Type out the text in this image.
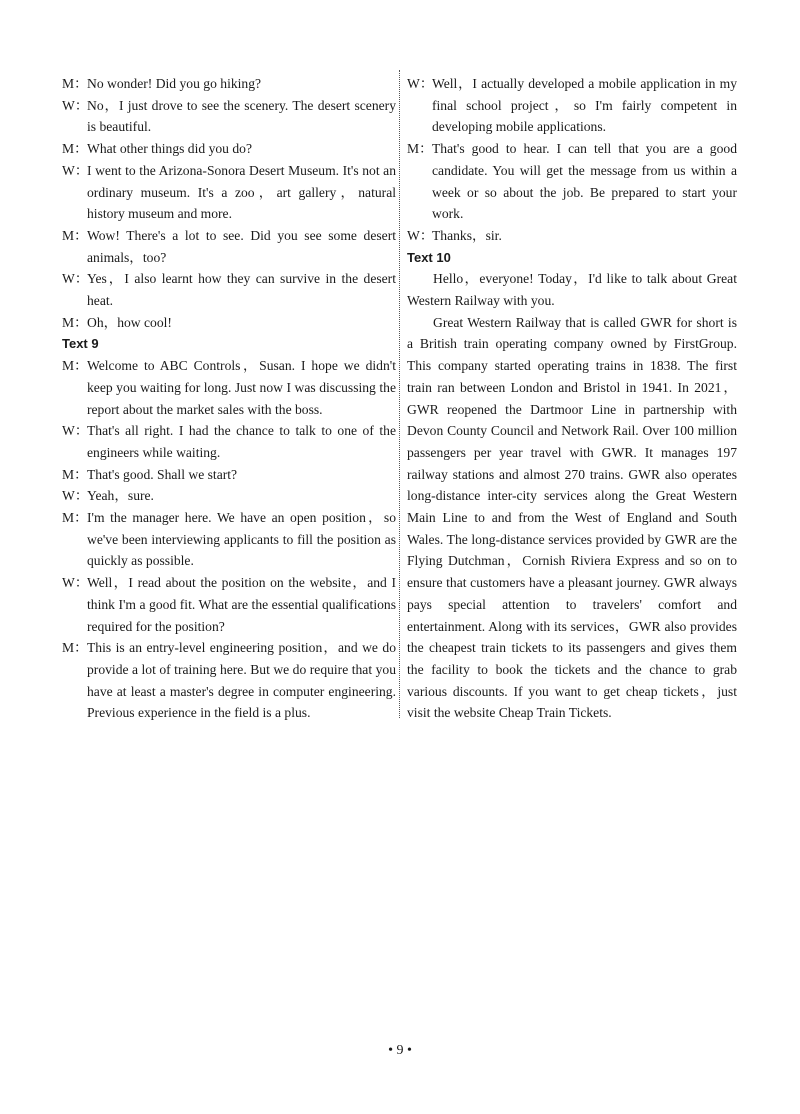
M： No wonder! Did you go hiking?
W：
No，I just drove to see the scenery. The desert scenery is beautiful.
M： What other things did you do?
W：
I went to the Arizona-Sonora Desert Museum. It's not an ordinary museum. It's a zoo，art gallery，natural history museum and more.
M： Wow! There's a lot to see. Did you see some desert animals，too?
W：
Yes，I also learnt how they can survive in the desert heat.
M： Oh，how cool!
Text 9
M： Welcome to ABC Controls，Susan. I hope we didn't keep you waiting for long. Just now I was discussing the report about the market sales with the boss.
W：
That's all right. I had the chance to talk to one of the engineers while waiting.
M： That's good. Shall we start?
W：
Yeah，sure.
M： I'm the manager here. We have an open position，so we've been interviewing applicants to fill the position as quickly as possible.
W：
Well，I read about the position on the website，and I think I'm a good fit. What are the essential qualifications required for the position?
M： This is an entry-level engineering position，and we do provide a lot of training here. But we do require that you have at least a master's degree in computer engineering. Previous experience in the field is a plus.
W：
Well，I actually developed a mobile application in my final school project，so I'm fairly competent in developing mobile applications.
M： That's good to hear. I can tell that you are a good candidate. You will get the message from us within a week or so about the job. Be prepared to start your work.
W：
Thanks，sir.
Text 10
Hello，everyone! Today，I'd like to talk about Great Western Railway with you.
Great Western Railway that is called GWR for short is a British train operating company owned by FirstGroup. This company started operating trains in 1838. The first train ran between London and Bristol in 1941. In 2021，GWR reopened the Dartmoor Line in partnership with Devon County Council and Network Rail. Over 100 million passengers per year travel with GWR. It manages 197 railway stations and almost 270 trains. GWR also operates long-distance inter-city services along the Great Western Main Line to and from the West of England and South Wales. The long-distance services provided by GWR are the Flying Dutchman，Cornish Riviera Express and so on to ensure that customers have a pleasant journey. GWR always pays special attention to travelers' comfort and entertainment. Along with its services，GWR also provides the cheapest train tickets to its passengers and gives them the facility to book the tickets and the chance to grab various discounts. If you want to get cheap tickets，just visit the website Cheap Train Tickets.
• 9 •
